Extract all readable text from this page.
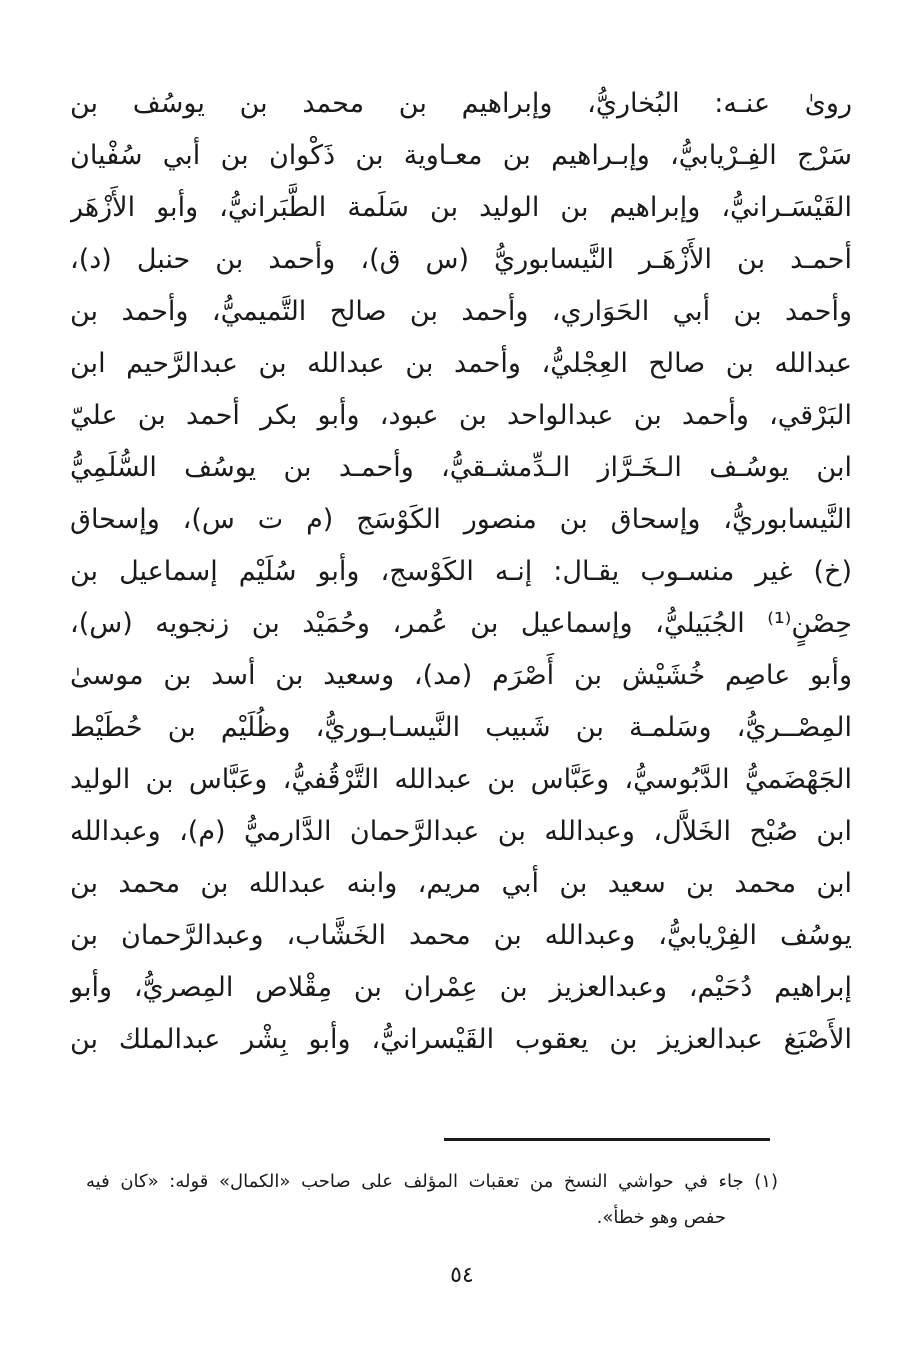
رویٰ عنـه: البُخاريُّ، وإبراهيم بن محمد بن يوسُف بن
سَرْج الفِـرْيابيُّ، وإبـراهيم بن معـاوية بن ذَكْوان بن أبي سُفْيان
القَيْسَـرانيُّ، وإبراهيم بن الوليد بن سَلَمة الطَّبَرانيُّ، وأبو الأَزْهَر
أحمـد بن الأَزْهَـر النَّيسابوريُّ (س ق)، وأحمد بن حنبل (د)،
وأحمد بن أبي الحَوَاري، وأحمد بن صالح التَّميميُّ، وأحمد بن
عبدالله بن صالح العِجْليُّ، وأحمد بن عبدالله بن عبدالرَّحيم ابن
البَرْقي، وأحمد بن عبدالواحد بن عبود، وأبو بكر أحمد بن عليّ
ابن يوسُـف الـخَـرَّاز الـدِّمشـقيُّ، وأحمـد بن يوسُف السُّلَمِيُّ
النَّيسابوريُّ، وإسحاق بن منصور الكَوْسَج (م ت س)، وإسحاق
(خ) غير منسـوب يقـال: إنـه الكَوْسج، وأبو سُلَيْم إسماعيل بن
حِصْنٍ⁽¹⁾ الجُبَيليُّ، وإسماعيل بن عُمر، وحُمَيْد بن زنجويه (س)،
وأبو عاصِم خُشَيْش بن أَصْرَم (مد)، وسعيد بن أسد بن موسىٰ
المِصْــريُّ، وسَلمـة بن شَبيب النَّيسـابـوريُّ، وظُلَيْم بن حُطَيْط
الجَهْضَميُّ الدَّبُوسيُّ، وعَبَّاس بن عبدالله التَّرْقُفيُّ، وعَبَّاس بن الوليد
ابن صُبْح الخَلاَّل، وعبدالله بن عبدالرَّحمان الدَّارميُّ (م)، وعبدالله
ابن محمد بن سعيد بن أبي مريم، وابنه عبدالله بن محمد بن
يوسُف الفِرْيابيُّ، وعبدالله بن محمد الخَشَّاب، وعبدالرَّحمان بن
إبراهيم دُحَيْم، وعبدالعزيز بن عِمْران بن مِقْلاص المِصريُّ، وأبو
الأَصْبَغ عبدالعزيز بن يعقوب القَيْسرانيُّ، وأبو بِشْر عبدالملك بن
(١) جاء في حواشي النسخ من تعقبات المؤلف على صاحب «الكمال» قوله: «كان فيه
حفص وهو خطأ».
٥٤
